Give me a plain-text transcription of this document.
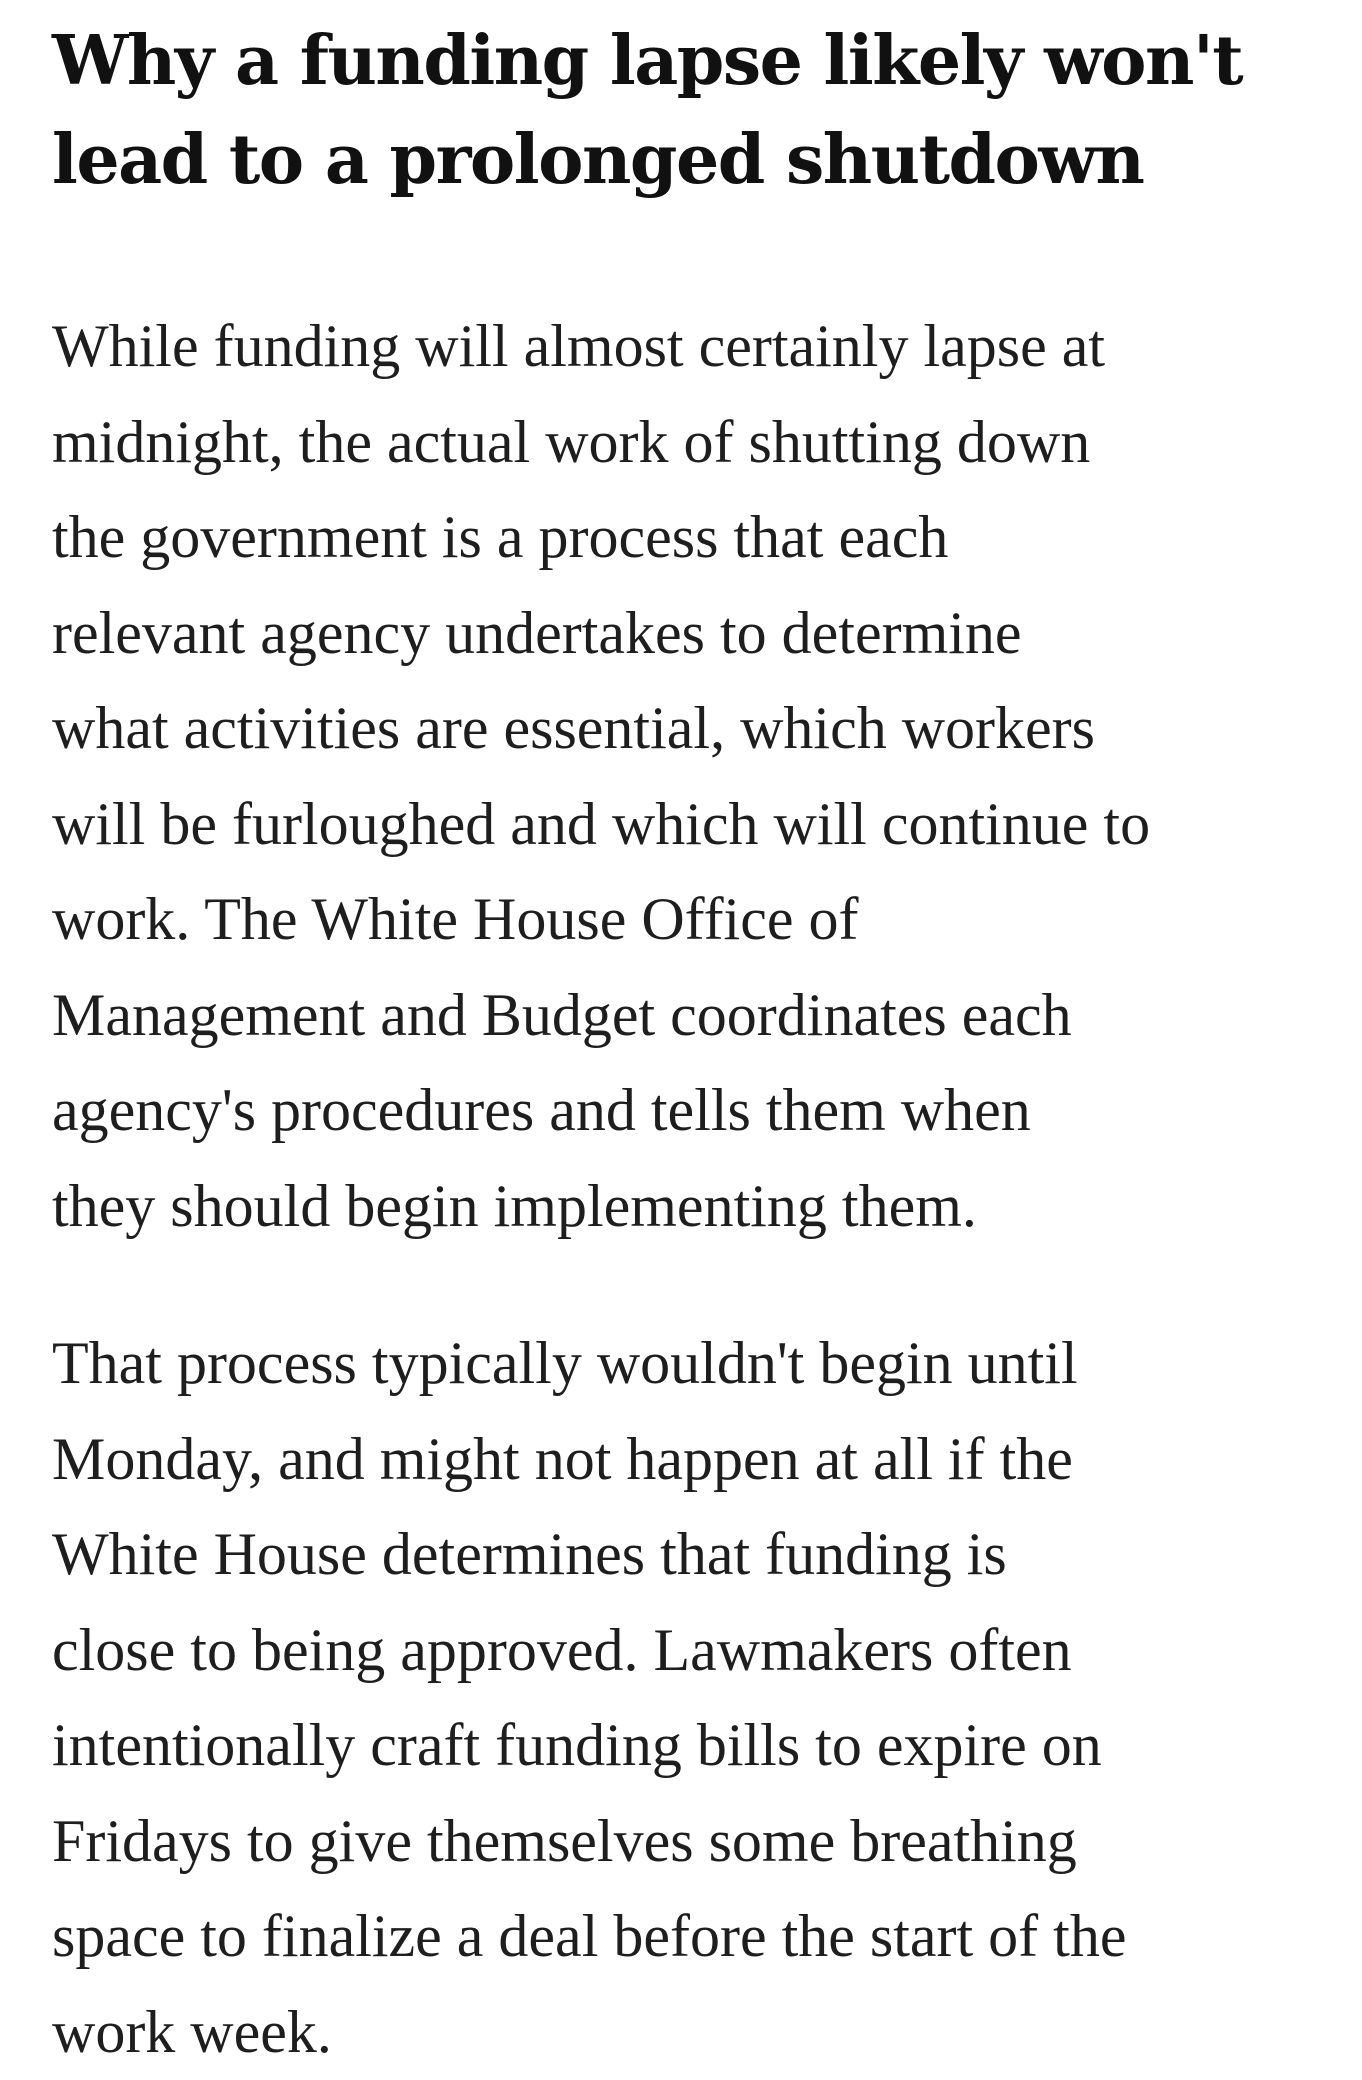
Why a funding lapse likely won't
lead to a prolonged shutdown

While funding will almost certainly lapse at
midnight, the actual work of shutting down
the government is a process that each
relevant agency undertakes to determine
what activities are essential, which workers
will be furloughed and which will continue to
work. The White House Office of
Management and Budget coordinates each
agency's procedures and tells them when
they should begin implementing them.

That process typically wouldn't begin until
Monday, and might not happen at all if the
White House determines that funding is
close to being approved. Lawmakers often
intentionally craft funding bills to expire on
Fridays to give themselves some breathing
space to finalize a deal before the start of the
work week.
